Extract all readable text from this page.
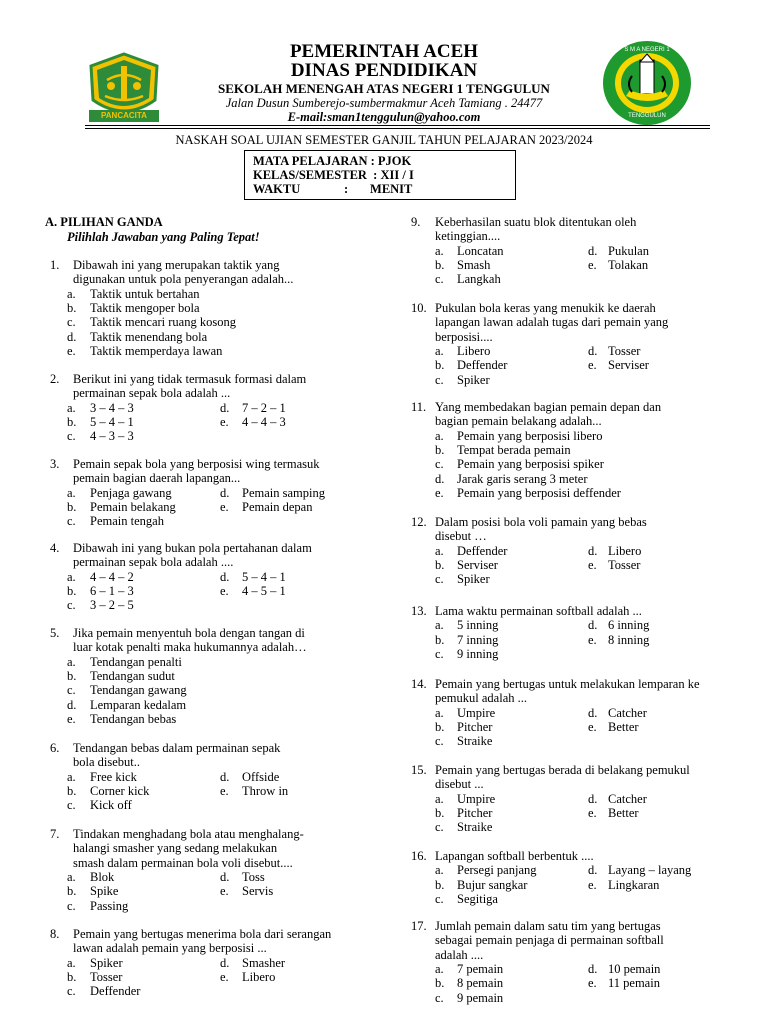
PANCACITA
S M A NEGERI 1
TENGGULUN
PEMERINTAH ACEH
DINAS PENDIDIKAN
SEKOLAH MENENGAH ATAS NEGERI 1 TENGGULUN
Jalan Dusun Sumberejo-sumbermakmur Aceh Tamiang . 24477
E-mail:sman1tenggulun@yahoo.com
NASKAH SOAL UJIAN SEMESTER GANJIL TAHUN PELAJARAN 2023/2024
MATA PELAJARAN : PJOK
KELAS/SEMESTER  : XII / I
WAKTU              :       MENIT
A. PILIHAN GANDA
Pilihlah Jawaban yang Paling Tepat!
1. Dibawah ini yang merupakan taktik yang
digunakan untuk pola penyerangan adalah...
a. Taktik untuk bertahan
b. Taktik mengoper bola
c. Taktik mencari ruang kosong
d. Taktik menendang bola
e. Taktik memperdaya lawan
2. Berikut ini yang tidak termasuk formasi dalam
permainan sepak bola adalah ...
a. 3 – 4 – 3	d. 7 – 2 – 1
b. 5 – 4 – 1	e. 4 – 4 – 3
c. 4 – 3 – 3
3. Pemain sepak bola yang berposisi wing termasuk
pemain bagian daerah lapangan...
a. Penjaga gawang	d. Pemain samping
b. Pemain belakang	e. Pemain depan
c. Pemain tengah
4. Dibawah ini yang bukan pola pertahanan dalam
permainan sepak bola adalah ....
a. 4 – 4 – 2	d. 5 – 4 – 1
b. 6 – 1 – 3	e. 4 – 5 – 1
c. 3 – 2 – 5
5. Jika pemain menyentuh bola dengan tangan di
luar kotak penalti maka hukumannya adalah…
a. Tendangan penalti
b. Tendangan sudut
c. Tendangan gawang
d. Lemparan kedalam
e. Tendangan bebas
6. Tendangan bebas dalam permainan sepak
bola disebut..
a. Free kick	d. Offside
b. Corner kick	e. Throw in
c. Kick off
7. Tindakan menghadang bola atau menghalang-
halangi smasher yang sedang melakukan
smash dalam permainan bola voli disebut....
a. Blok	d. Toss
b. Spike	e. Servis
c. Passing
8. Pemain yang bertugas menerima bola dari serangan
lawan adalah pemain yang berposisi ...
a. Spiker	d. Smasher
b. Tosser	e. Libero
c. Deffender
9. Keberhasilan suatu blok ditentukan oleh
ketinggian....
a. Loncatan	d. Pukulan
b. Smash	e. Tolakan
c. Langkah
10. Pukulan bola keras yang menukik ke daerah
lapangan lawan adalah tugas dari pemain yang
berposisi....
a. Libero	d. Tosser
b. Deffender	e. Serviser
c. Spiker
11. Yang membedakan bagian pemain depan dan
bagian pemain belakang adalah...
a. Pemain yang berposisi libero
b. Tempat berada pemain
c. Pemain yang berposisi spiker
d. Jarak garis serang 3 meter
e. Pemain yang berposisi deffender
12. Dalam posisi bola voli pamain yang bebas
disebut …
a. Deffender	d. Libero
b. Serviser	e. Tosser
c. Spiker
13. Lama waktu permainan softball adalah ...
a. 5 inning	d. 6 inning
b. 7 inning	e. 8 inning
c. 9 inning
14. Pemain yang bertugas untuk melakukan lemparan ke
pemukul adalah ...
a. Umpire	d. Catcher
b. Pitcher	e. Better
c. Straike
15. Pemain yang bertugas berada di belakang pemukul
disebut ...
a. Umpire	d. Catcher
b. Pitcher	e. Better
c. Straike
16. Lapangan softball berbentuk ....
a. Persegi panjang	d. Layang – layang
b. Bujur sangkar	e. Lingkaran
c. Segitiga
17. Jumlah pemain dalam satu tim yang bertugas
sebagai pemain penjaga di permainan softball
adalah ....
a. 7 pemain	d. 10 pemain
b. 8 pemain	e. 11 pemain
c. 9 pemain
